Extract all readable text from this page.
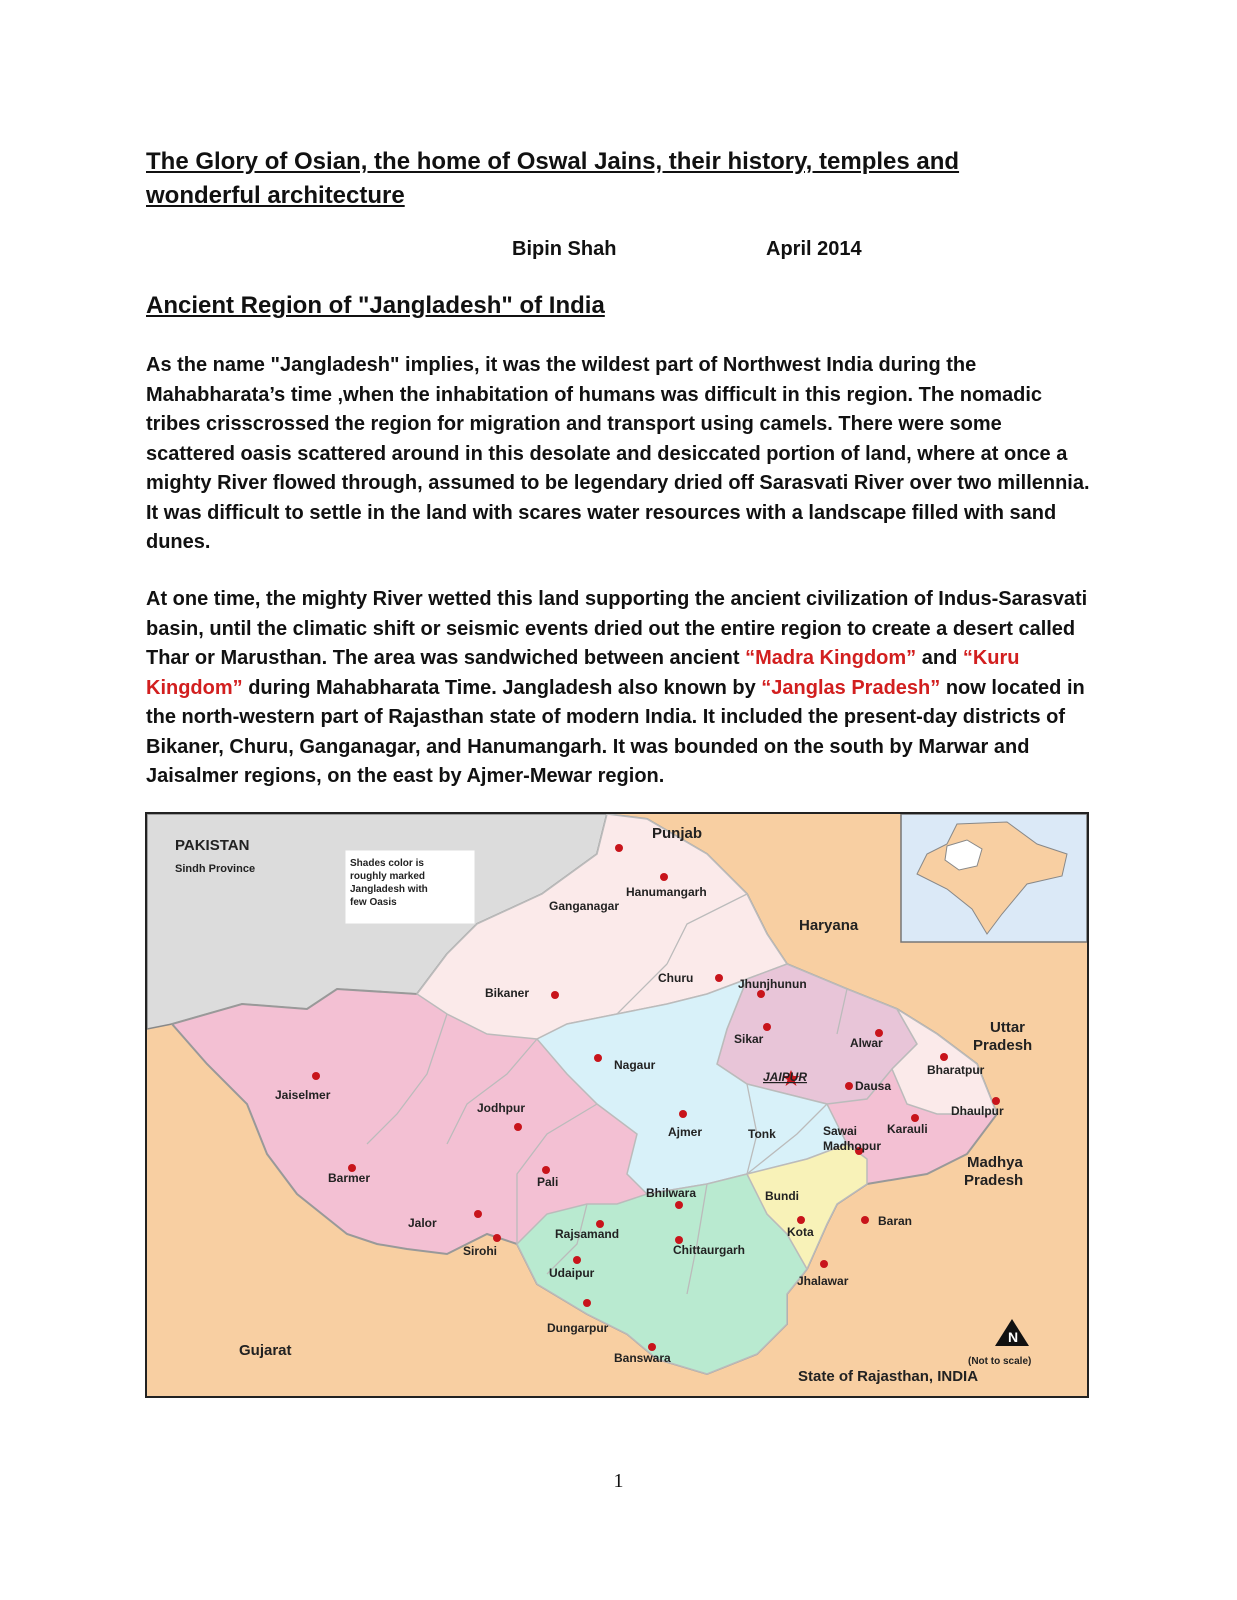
The Glory of Osian, the home of Oswal Jains, their history, temples and wonderful architecture
Bipin Shah	April 2014
Ancient Region of "Jangladesh" of India

As the name "Jangladesh" implies, it was the wildest part of Northwest India during the Mahabharata’s time ,when the inhabitation of humans was difficult in this region. The nomadic tribes crisscrossed the region for migration and transport using camels. There were some scattered oasis scattered around in this desolate and desiccated portion of land, where at once a mighty River flowed through, assumed to be legendary dried off Sarasvati River over two millennia. It was difficult to settle in the land with scares water resources with a landscape filled with sand dunes.

At one time, the mighty River wetted this land supporting the ancient civilization of Indus-Sarasvati basin, until the climatic shift or seismic events dried out the entire region to create a desert called Thar or Marusthan. The area was sandwiched between ancient “Madra Kingdom” and “Kuru Kingdom” during Mahabharata Time. Jangladesh also known by “Janglas Pradesh” now located in the north-western part of Rajasthan state of modern India. It included the present-day districts of Bikaner, Churu, Ganganagar, and Hanumangarh. It was bounded on the south by Marwar and Jaisalmer regions, on the east by Ajmer-Mewar region.

N
PAKISTAN
Sindh Province
Punjab
Haryana
Uttar
Pradesh
Madhya
Pradesh
Gujarat
Shades color is
roughly marked
Jangladesh with
few Oasis
Hanumangarh
Ganganagar
Churu	Jhunjhunun
Bikaner
Sikar	Alwar
Bharatpur
Nagaur
JAIPUR
Dausa
Jaiselmer
Jodhpur	Dhaulpur
Ajmer	Tonk	Sawai Karauli
Madhopur
Barmer	Pali
Bhilwara	Bundi
Baran
Jalor
Kota
Rajsamand
Sirohi	Chittaurgarh
Udaipur
Jhalawar
Dungarpur
Banswara	(Not to scale)
State of Rajasthan, INDIA
1
